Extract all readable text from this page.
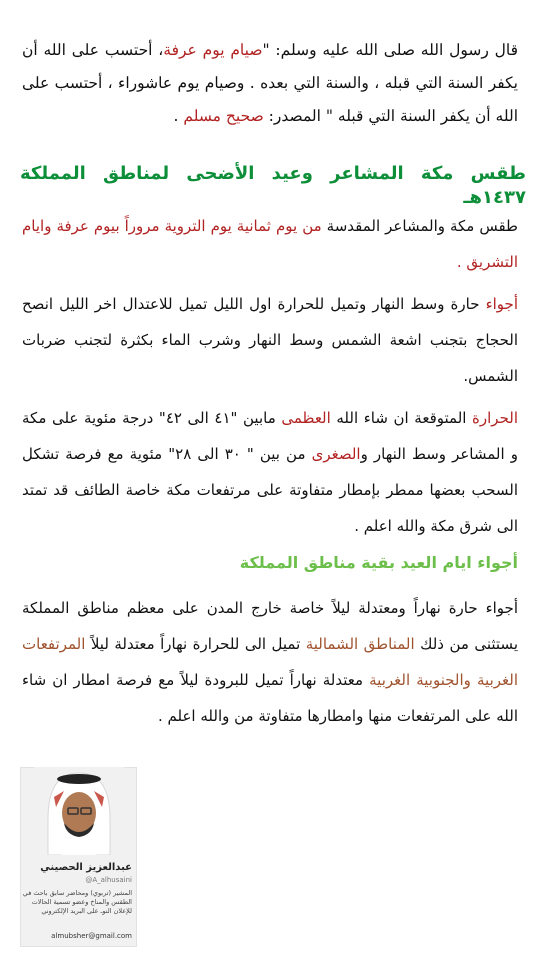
قال رسول الله صلى الله عليه وسلم: "صيام يوم عرفة، أحتسب على الله أن يكفر السنة التي قبله ، والسنة التي بعده . وصيام يوم عاشوراء ، أحتسب على الله أن يكفر السنة التي قبله " المصدر: صحيح مسلم .
طقس مكة المشاعر وعيد الأضحى لمناطق المملكة ١٤٣٧هـ
طقس مكة والمشاعر المقدسة من يوم ثمانية يوم التروية مروراً بيوم عرفة وايام التشريق .
أجواء حارة وسط النهار وتميل للحرارة اول الليل تميل للاعتدال اخر الليل انصح الحجاج بتجنب اشعة الشمس وسط النهار وشرب الماء بكثرة لتجنب ضربات الشمس.
الحرارة المتوقعة ان شاء الله العظمى مابين "٤١ الى ٤٢" درجة مئوية على مكة و المشاعر وسط النهار والصغرى من بين " ٣٠ الى ٢٨" مئوية مع فرصة تشكل السحب بعضها ممطر بإمطار متفاوتة على مرتفعات مكة خاصة الطائف قد تمتد الى شرق مكة والله اعلم .
أجواء ايام العيد بقية مناطق المملكة
أجواء حارة نهاراً ومعتدلة ليلاً خاصة خارج المدن على معظم مناطق المملكة يستثنى من ذلك المناطق الشمالية تميل الى للحرارة نهاراً معتدلة ليلاً المرتفعات الغربية والجنوبية الغربية معتدلة نهاراً تميل للبرودة ليلاً مع فرصة امطار ان شاء الله على المرتفعات منها وامطارها متفاوتة من والله اعلم .
عبدالعزيز الحصيني
@A_alhusaini
المشير (تربوي) ومحاضر سابق باحث في الطقس والمناخ وعضو تسمية الحالات للإعلان النوـ على البريد الإلكتروني
almubsher@gmail.com
